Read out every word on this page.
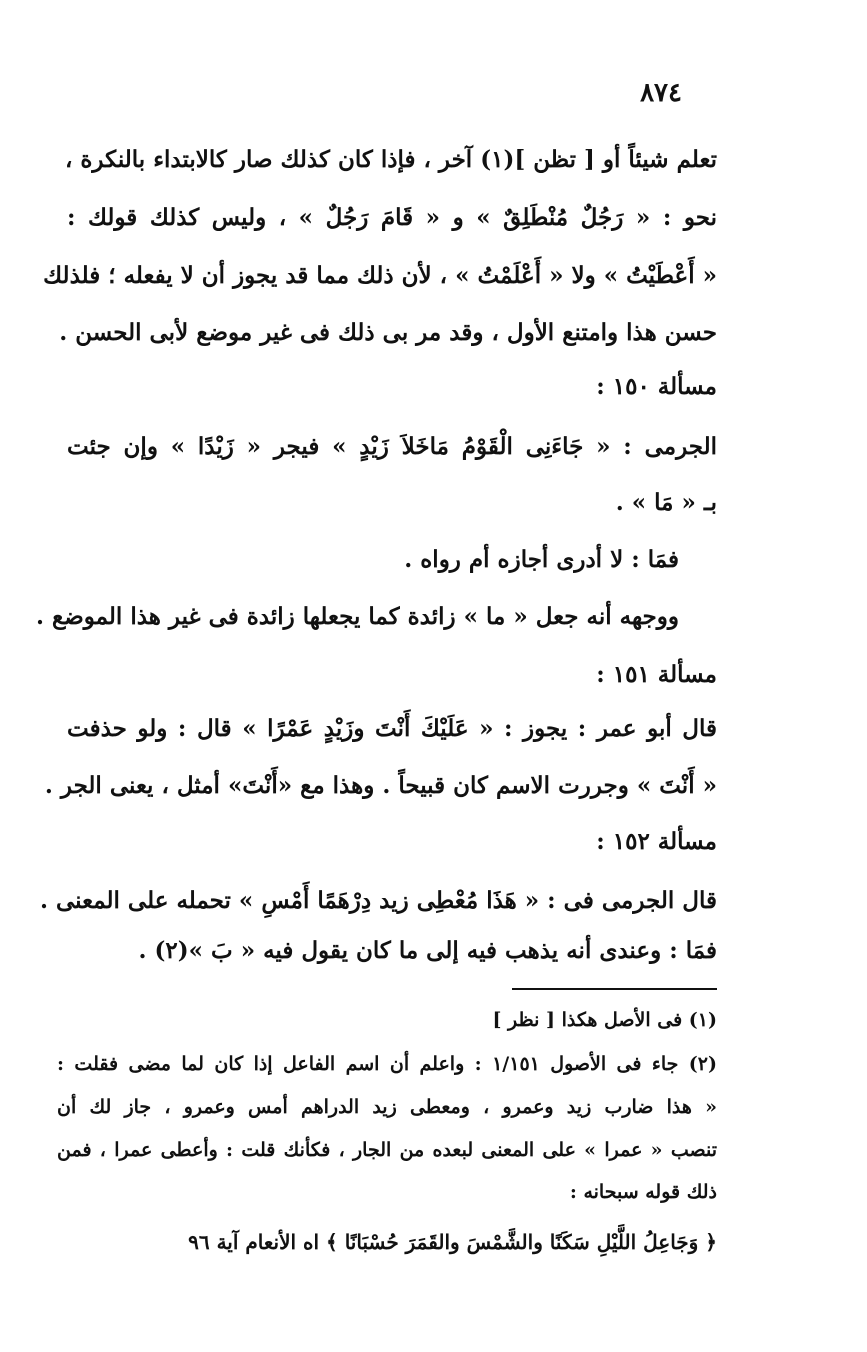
٨٧٤
تعلم شيئاً أو [ تظن ](١) آخر ، فإذا كان كذلك صار كالابتداء بالنكرة ،
نحو : « رَجُلٌ مُنْطَلِقٌ » و « قَامَ رَجُلٌ » ، وليس كذلك قولك :
« أَعْطَيْتُ » ولا « أَعْلَمْتُ » ، لأن ذلك مما قد يجوز أن لا يفعله ؛ فلذلك
حسن هذا وامتنع الأول ، وقد مر بى ذلك فى غير موضع لأبى الحسن .
مسألة ١٥٠ :
الجرمى : « جَاءَنِى الْقَوْمُ مَاخَلاَ زَيْدٍ » فيجر « زَيْدًا » وإن جئت
بـ « مَا » .
فمَا : لا أدرى أجازه أم رواه .
ووجهه أنه جعل « ما » زائدة كما يجعلها زائدة فى غير هذا الموضع .
مسألة ١٥١ :
قال أبو عمر : يجوز : « عَلَيْكَ أَنْتَ وزَيْدٍ عَمْرًا » قال : ولو حذفت
« أَنْتَ » وجررت الاسم كان قبيحاً . وهذا مع «أَنْتَ» أمثل ، يعنى الجر .
مسألة ١٥٢ :
قال الجرمى فى : « هَذَا مُعْطِى زيد دِرْهَمًا أَمْسِ » تحمله على المعنى .
فمَا : وعندى أنه يذهب فيه إلى ما كان يقول فيه « بَ »(٢) .
(١) فى الأصل هكذا [ نظر ]
(٢) جاء فى الأصول ١/١٥١ : واعلم أن اسم الفاعل إذا كان لما مضى فقلت :
« هذا ضارب زيد وعمرو ، ومعطى زيد الدراهم أمس وعمرو ، جاز لك أن
تنصب « عمرا » على المعنى لبعده من الجار ، فكأنك قلت : وأعطى عمرا ، فمن
ذلك قوله سبحانه :
﴿ وَجَاعِلُ اللَّيْلِ سَكَنًا والشَّمْسَ والقَمَرَ حُسْبَانًا ﴾ اه الأنعام آية ٩٦
